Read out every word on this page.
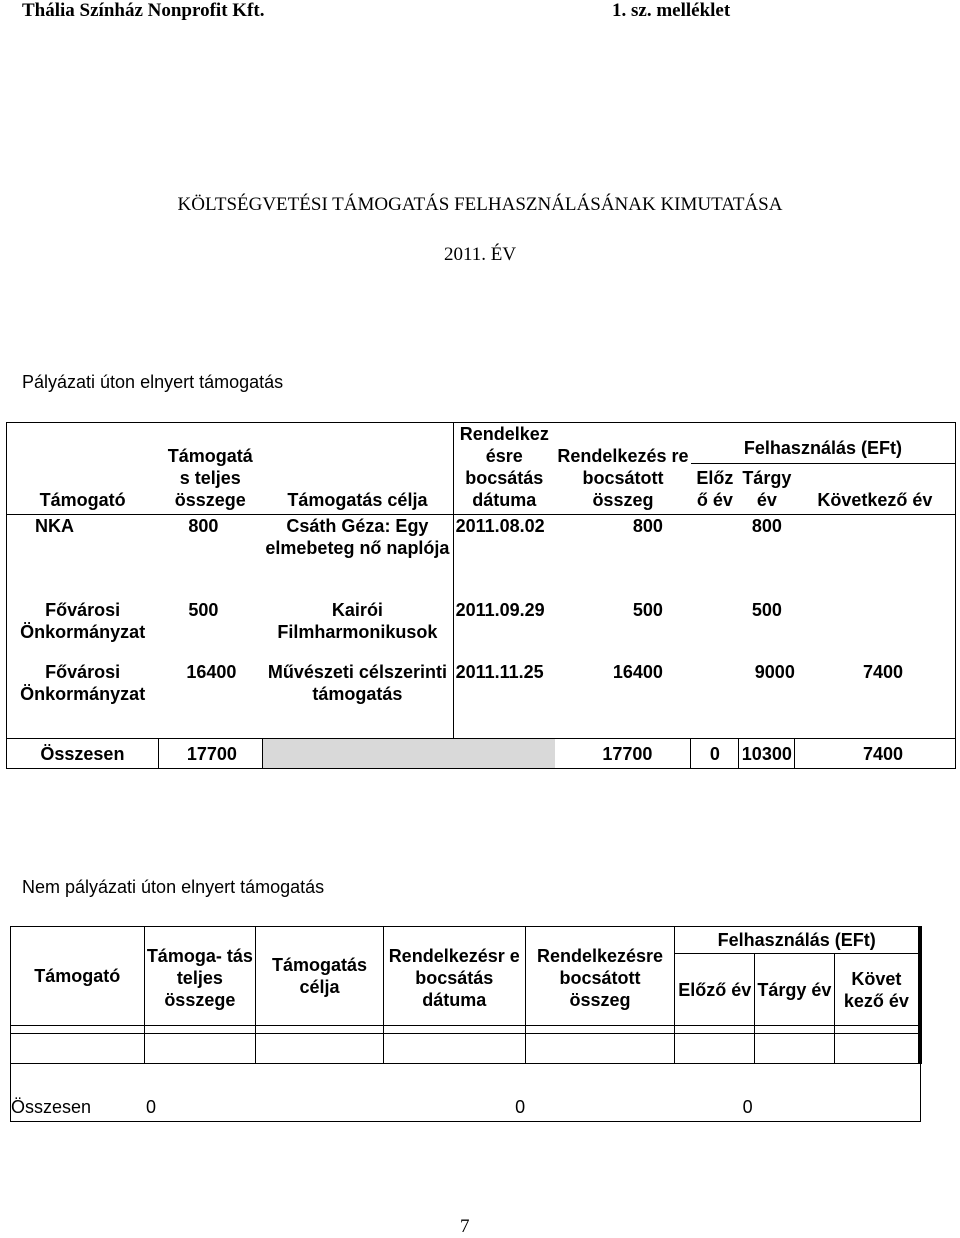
Thália Színház Nonprofit Kft.	1. sz. melléklet
KÖLTSÉGVETÉSI TÁMOGATÁS FELHASZNÁLÁSÁNAK KIMUTATÁSA
2011. ÉV
Pályázati úton elnyert támogatás
Támogató	Támogatá s teljes összege	Támogatás célja	Rendelkez ésre bocsátás dátuma	Rendelkezés re bocsátott összeg	Felhasználás (EFt)		
					Előz ő év	Tárgy év	Következő év
NKA	800	Csáth Géza: Egy elmebeteg nő naplója	2011.08.02	800		800	
Fővárosi Önkormányzat	500	Kairói Filmharmonikusok	2011.09.29	500		500	
Fővárosi Önkormányzat	16400	Művészeti célszerinti támogatás	2011.11.25	16400		9000	7400
Összesen	17700			17700	0	10300	7400
Nem pályázati úton elnyert támogatás
Támogató	Támoga- tás teljes összege	Támogatás célja	Rendelkezésr e bocsátás dátuma	Rendelkezésre bocsátott összeg	Felhasználás (EFt)		
					Előző év	Tárgy év	Követ kező év

Összesen	0		0		0		
7
